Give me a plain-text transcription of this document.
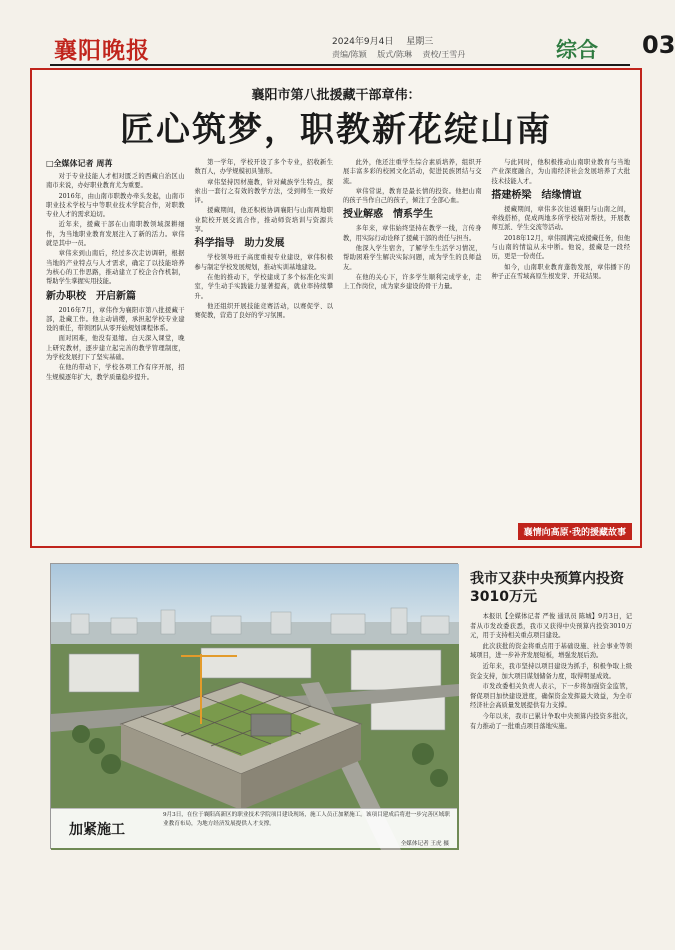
襄阳晚报	2024年9月4日 星期三
责编/陈颖 版式/陈琳 责校/王雪丹	综合 03
襄阳市第八批援藏干部章伟：
匠心筑梦，职教新花绽山南
□全媒体记者 周苒

对于专业技能人才相对匮乏的西藏自治区山南市来说，办好职业教育尤为重要。

2016年，由山南市职教办牵头发起，山南市职业技术学校与中等职业技术学院合作，对职教专业人才的需求迫切。

近年来，援藏干部在山南职教领域深耕细作，为当地职业教育发展注入了新的活力。章伟就是其中一员。

章伟来到山南后，经过多次走访调研，根据当地的产业特点与人才需求，确定了以技能培养为核心的工作思路，推动建立了校企合作机制，帮助学生掌握实用技能。

新办职校　开启新篇

2016年7月，章伟作为襄阳市第八批援藏干部，赴藏工作。他主动请缨，承担起学校专业建设的重任，带领团队从零开始规划课程体系。

面对困难，他没有退缩。白天深入课堂，晚上研究教材，逐步建立起完善的教学管理制度，为学校发展打下了坚实基础。

在他的带动下，学校各项工作有序开展，招生规模逐年扩大，教学质量稳步提升。

第一学年，学校开设了多个专业，招收新生数百人，办学规模初具雏形。

章伟坚持因材施教，针对藏族学生特点，探索出一套行之有效的教学方法，受到师生一致好评。

援藏期间，他还积极协调襄阳与山南两地职业院校开展交流合作，推动师资培训与资源共享。

科学指导　助力发展

学校领导班子高度重视专业建设，章伟积极参与制定学校发展规划，推动实训基地建设。

在他的推动下，学校建成了多个标准化实训室，学生动手实践能力显著提高，就业率持续攀升。

他还组织开展技能竞赛活动，以赛促学、以赛促教，营造了良好的学习氛围。

此外，他还注重学生综合素质培养，组织开展丰富多彩的校园文化活动，促进民族团结与交流。

章伟常说，教育是最长情的投资。他把山南的孩子当作自己的孩子，倾注了全部心血。

授业解惑　情系学生

多年来，章伟始终坚持在教学一线，言传身教，用实际行动诠释了援藏干部的责任与担当。

他深入学生宿舍，了解学生生活学习情况，帮助困难学生解决实际问题，成为学生的良师益友。

在他的关心下，许多学生顺利完成学业，走上工作岗位，成为家乡建设的骨干力量。

与此同时，他积极推动山南职业教育与当地产业深度融合，为山南经济社会发展培养了大批技术技能人才。

搭建桥梁　结缘情谊

援藏期间，章伟多次往返襄阳与山南之间，牵线搭桥，促成两地多所学校结对帮扶，开展教师互派、学生交流等活动。

2018年12月，章伟圆满完成援藏任务，但他与山南的情谊从未中断。他说，援藏是一段经历，更是一份责任。

如今，山南职业教育蓬勃发展，章伟播下的种子正在雪域高原生根发芽、开花结果。

襄情向高原·我的援藏故事
加紧施工
9月3日，在位于襄阳高新区的职业技术学院项目建设现场，施工人员正加紧施工。该项目建成后将进一步完善区域职业教育布局，为地方经济发展提供人才支撑。
全媒体记者 王虎 摄
我市又获中央预算内投资3010万元

本报讯【全媒体记者 严俊 通讯员 陈城】9月3日，记者从市发改委获悉，我市又获得中央预算内投资3010万元，用于支持相关重点项目建设。

此次获批的资金将重点用于基础设施、社会事业等领域项目，进一步补齐发展短板，增强发展后劲。

近年来，我市坚持以项目建设为抓手，积极争取上级资金支持，加大项目谋划储备力度，取得明显成效。

市发改委相关负责人表示，下一步将加强资金监管，督促项目加快建设进度，确保资金发挥最大效益，为全市经济社会高质量发展提供有力支撑。

今年以来，我市已累计争取中央预算内投资多批次，有力推动了一批重点项目落地实施。
